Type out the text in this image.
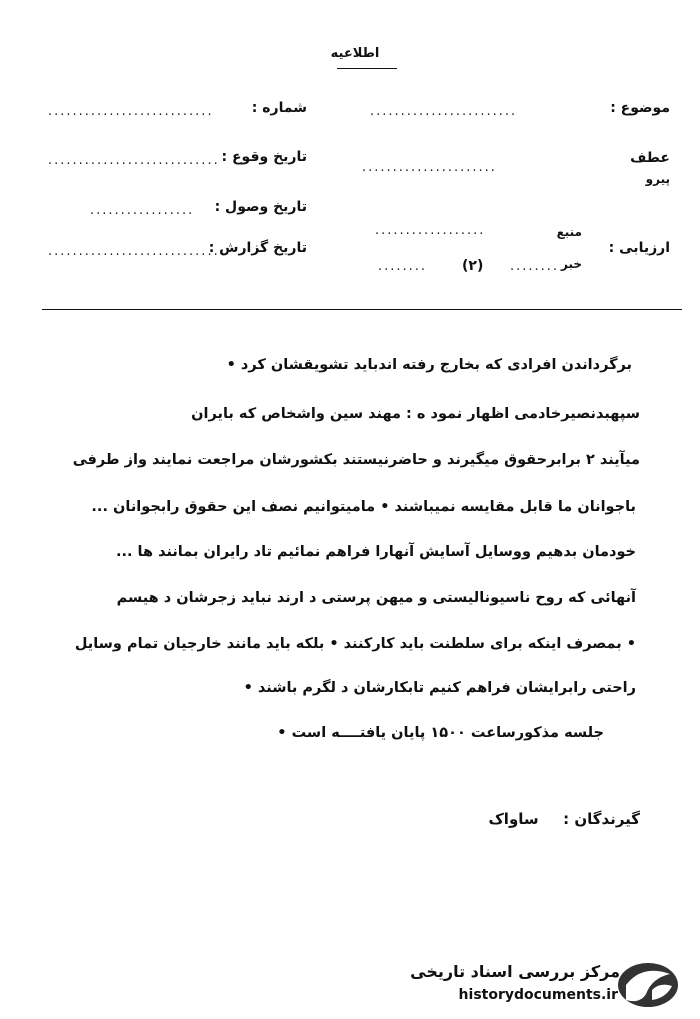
اطلاعیه
موضوع :
........................
عطف
پیرو
......................
ارزیابی :
منبع
خبر
..................
........
(۲)
........
شماره :
...........................
تاریخ وقوع :
............................
تاریخ وصول :
.................
تاریخ گزارش :
............................
برگرداندن افرادی که بخارج رفته اندباید تشویقشان کرد •
سپهبدنصیرخادمی اظهار نمود ه : مهند سین واشخاص که بایران
میآیند ۲ برابرحقوق میگیرند و حاضرنیستند بکشورشان مراجعت نمایند واز طرفی
باجوانان ما قابل مقایسه نمیباشند • مامیتوانیم نصف این حقوق رابجوانان ...
خودمان بدهیم ووسایل آسایش آنهارا فراهم نمائیم تاد رایران بمانند ها ...
آنهائی که روح ناسیونالیستی و میهن پرستی د ارند نباید زجرشان د هیسم
• بمصرف اینکه برای سلطنت باید کارکنند • بلکه باید مانند خارجیان تمام وسایل
راحتی رابرایشان فراهم کنیم تابکارشان د لگرم باشند •
جلسه مذکورساعت ۱۵۰۰ پایان یافتــــه است •
گیرندگان :  ساواک
مرکز بررسی اسناد تاریخی
historydocuments.ir
